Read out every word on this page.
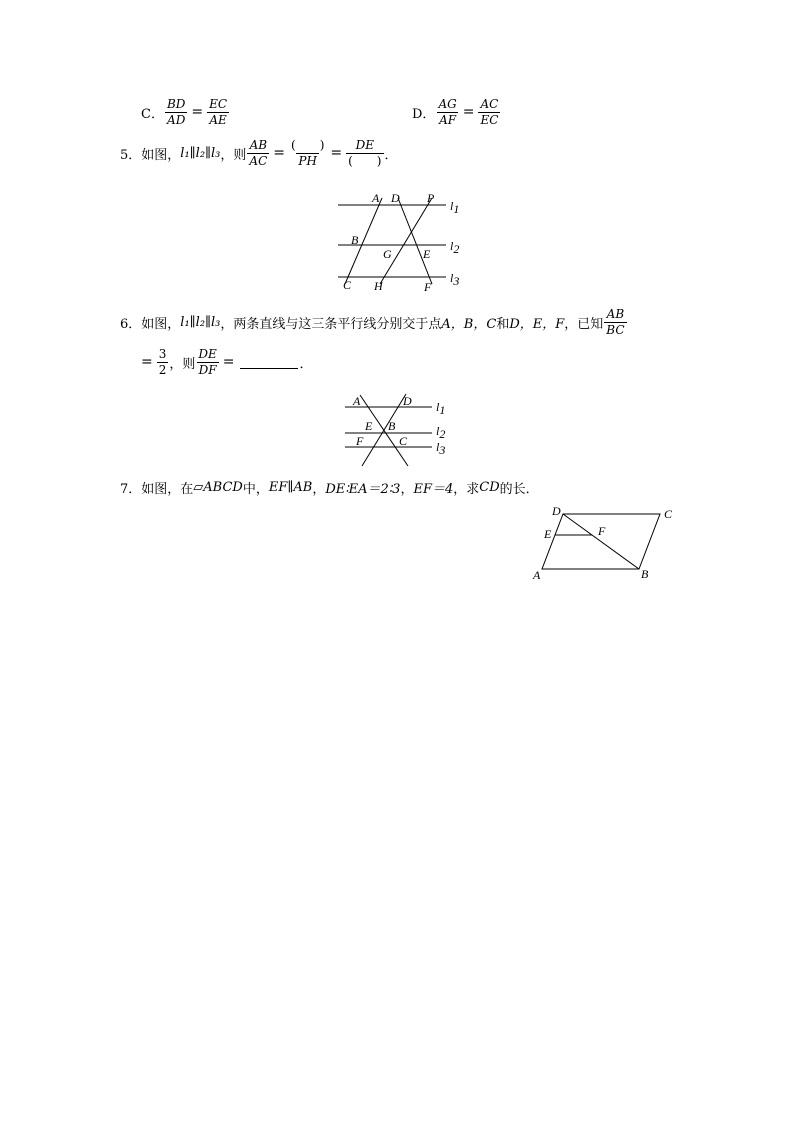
C． $\frac{BD}{AD} = \frac{EC}{AE}$	D． $\frac{AG}{AF} = \frac{AC}{EC}$
5．如图， l₁∥l₂∥l₃ ，则 $\frac{AB}{AC} = \frac{( )}{PH} = \frac{DE}{( )}$ ．
A D P
l1
B
G	E
l2
C H	F
l3
6．如图， l₁∥l₂∥l₃ ，两条直线与这三条平行线分别交于点 A，B，C 和 D，E，F ，已知 $\frac{AB}{BC}$
= $\frac{3}{2}$ ，则 $\frac{DE}{DF}$ =	．
A	D l1
E B	l2
F	C l3
7．如图，在 ▱ABCD 中， EF∥AB ， DE∶EA＝2∶3 ， EF＝4 ，求 CD 的长．
D	C
E	F
A	B
